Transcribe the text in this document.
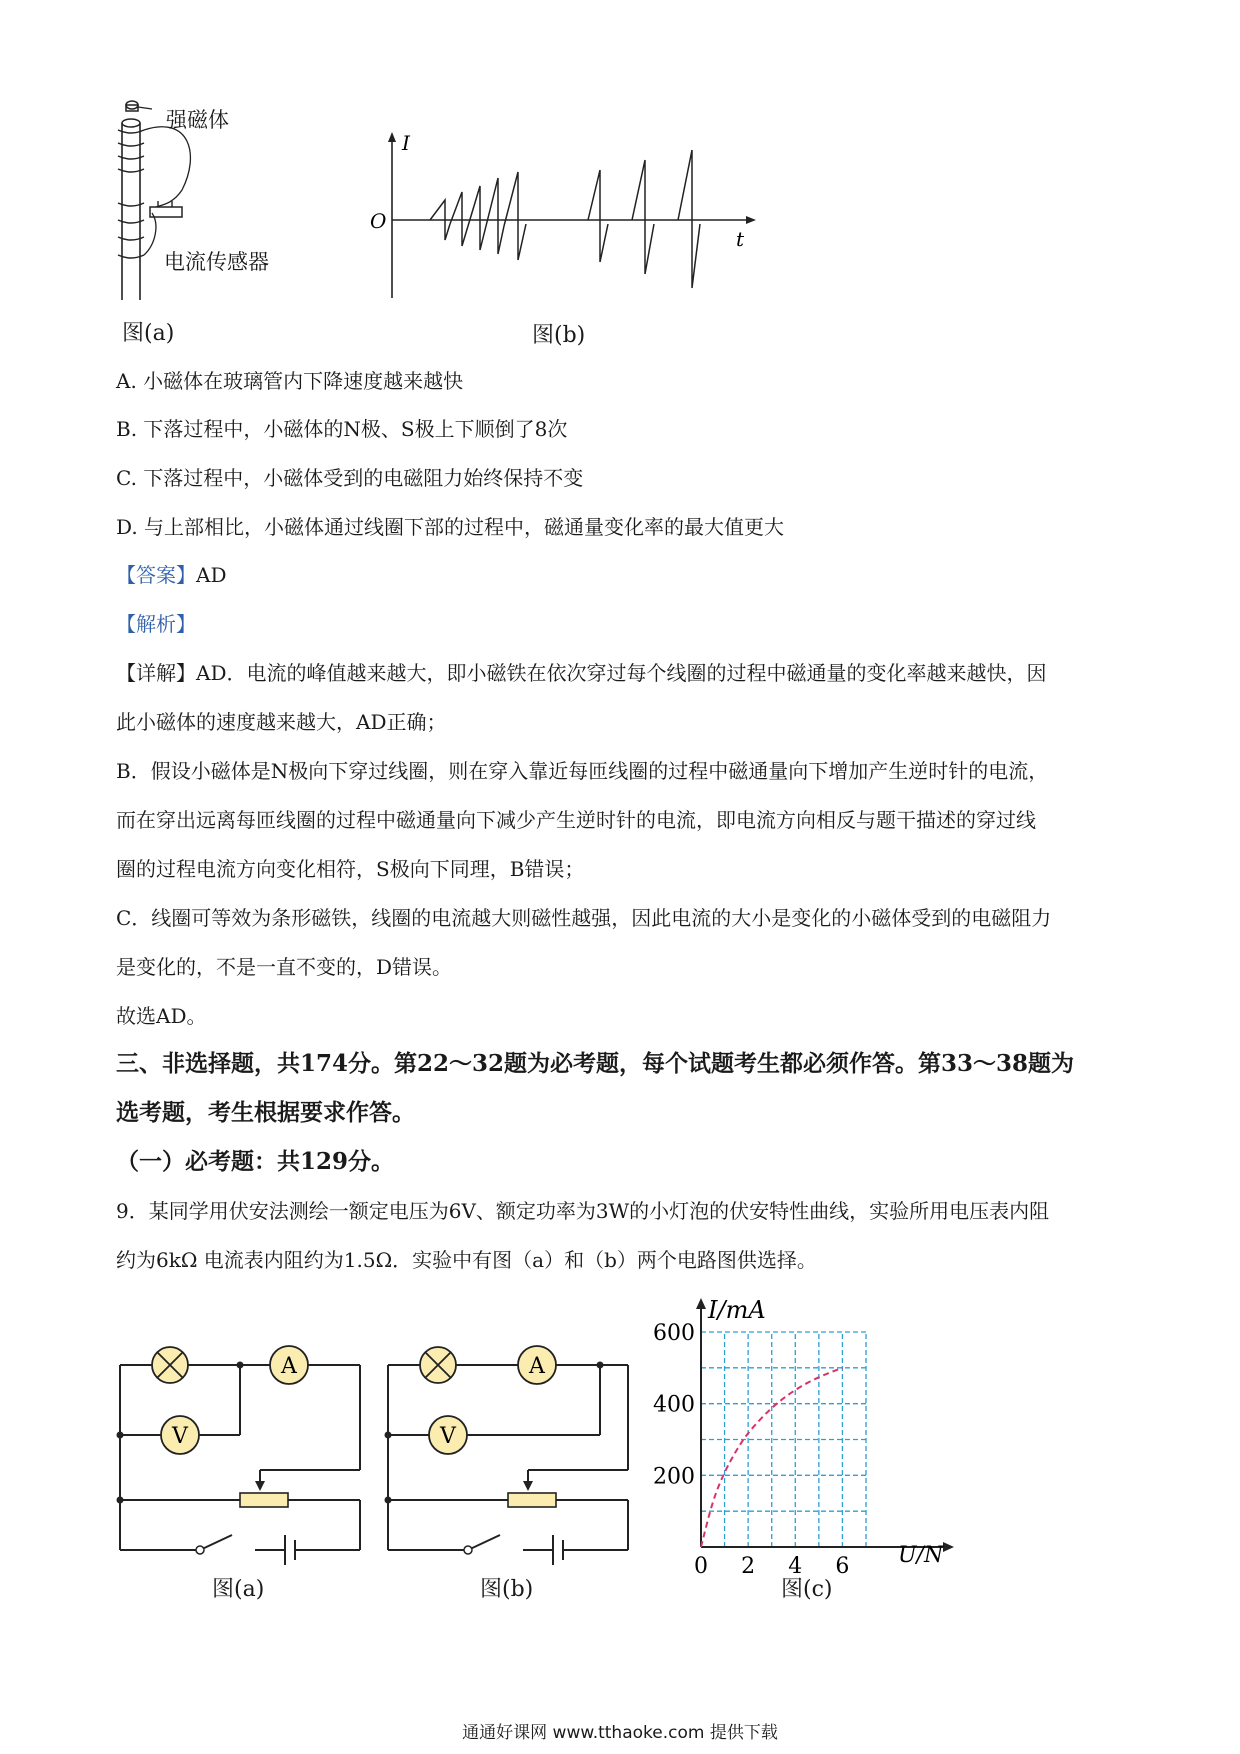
强磁体
电流传感器
图(a)
I
t
O
图(b)
A. 小磁体在玻璃管内下降速度越来越快
B. 下落过程中，小磁体的N极、S极上下顺倒了8次
C. 下落过程中，小磁体受到的电磁阻力始终保持不变
D. 与上部相比，小磁体通过线圈下部的过程中，磁通量变化率的最大值更大
【答案】AD
【解析】
【详解】AD．电流的峰值越来越大，即小磁铁在依次穿过每个线圈的过程中磁通量的变化率越来越快，因
此小磁体的速度越来越大，AD正确；
B．假设小磁体是N极向下穿过线圈，则在穿入靠近每匝线圈的过程中磁通量向下增加产生逆时针的电流，
而在穿出远离每匝线圈的过程中磁通量向下减少产生逆时针的电流，即电流方向相反与题干描述的穿过线
圈的过程电流方向变化相符，S极向下同理，B错误；
C．线圈可等效为条形磁铁，线圈的电流越大则磁性越强，因此电流的大小是变化的小磁体受到的电磁阻力
是变化的，不是一直不变的，D错误。
故选AD。
三、非选择题，共174分。第22～32题为必考题，每个试题考生都必须作答。第33～38题为
选考题，考生根据要求作答。
（一）必考题：共129分。
9．某同学用伏安法测绘一额定电压为6V、额定功率为3W的小灯泡的伏安特性曲线，实验所用电压表内阻
约为6kΩ 电流表内阻约为1.5Ω．实验中有图（a）和（b）两个电路图供选择。
A
V
图(a)
A
V
图(b)
200
400
600
0 2 4 6
I/mA
U/N
图(c)
通通好课网 www.tthaoke.com 提供下载
